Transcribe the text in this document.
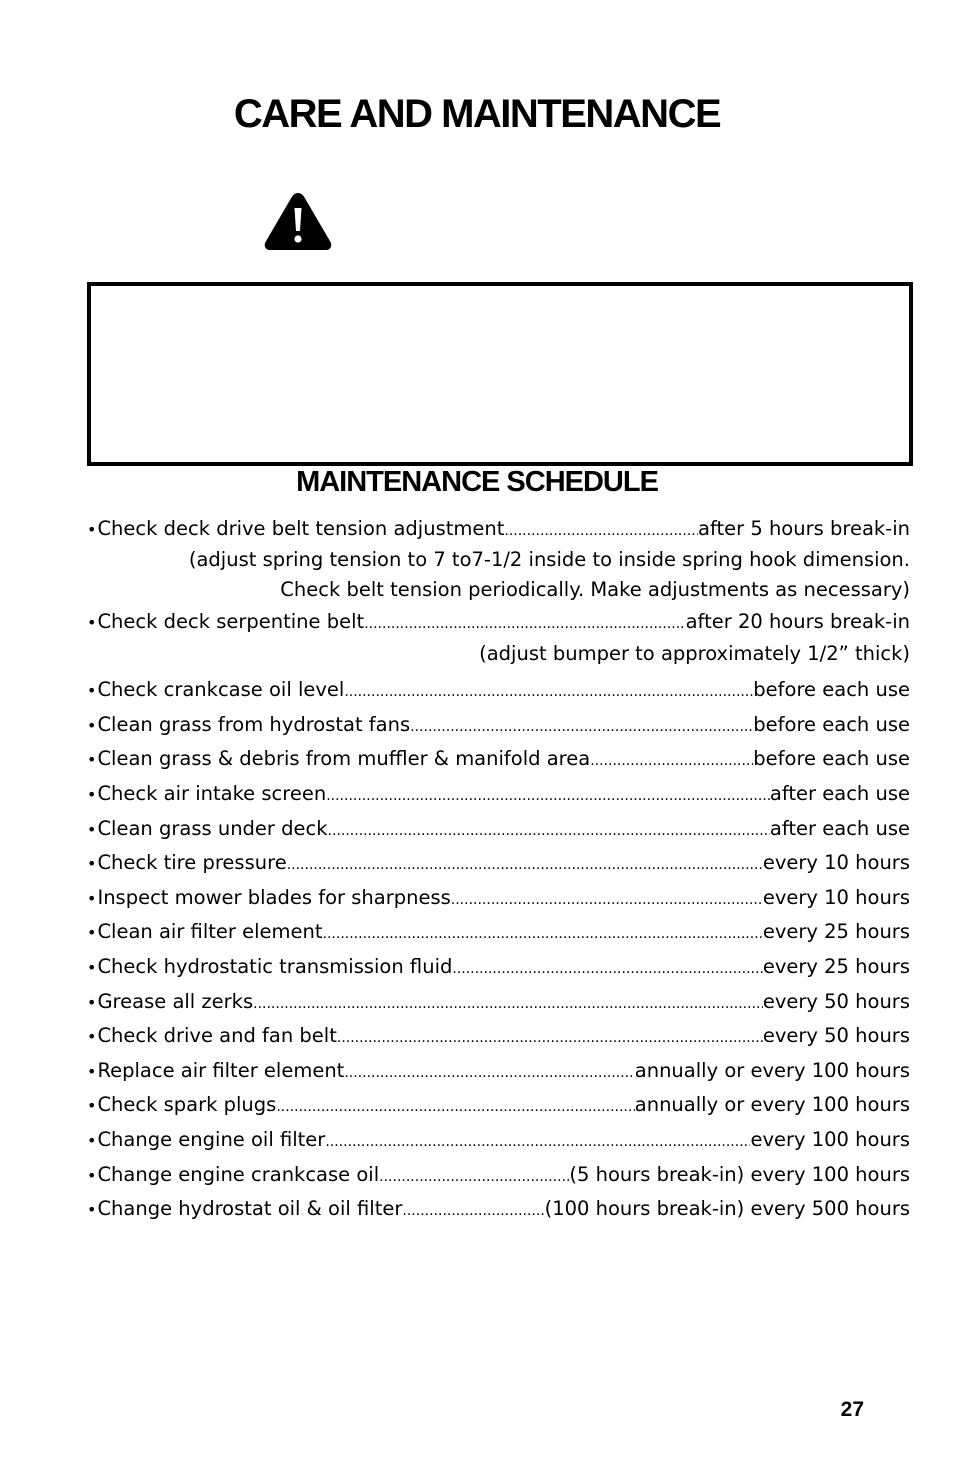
CARE AND MAINTENANCE
MAINTENANCE SCHEDULE
• Check deck drive belt tension adjustment .....	after 5 hours break-in
(adjust spring tension to 7 to7-1/2 inside to inside spring hook dimension.
Check belt tension periodically. Make adjustments as necessary)
• Check deck serpentine belt .....	after 20 hours break-in
(adjust bumper to approximately 1/2” thick)
• Check crankcase oil level .....	before each use
• Clean grass from hydrostat fans .....	before each use
• Clean grass & debris from muffler & manifold area .....	before each use
• Check air intake screen .....	after each use
• Clean grass under deck .....	after each use
• Check tire pressure .....	every 10 hours
• Inspect mower blades for sharpness .....	every 10 hours
• Clean air filter element .....	every 25 hours
• Check hydrostatic transmission fluid .....	every 25 hours
• Grease all zerks .....	every 50 hours
• Check drive and fan belt .....	every 50 hours
• Replace air filter element .....	annually or every 100 hours
• Check spark plugs .....	annually or every 100 hours
• Change engine oil filter .....	every 100 hours
• Change engine crankcase oil .....	(5 hours break-in) every 100 hours
• Change hydrostat oil & oil filter .....	(100 hours break-in) every 500 hours
27
